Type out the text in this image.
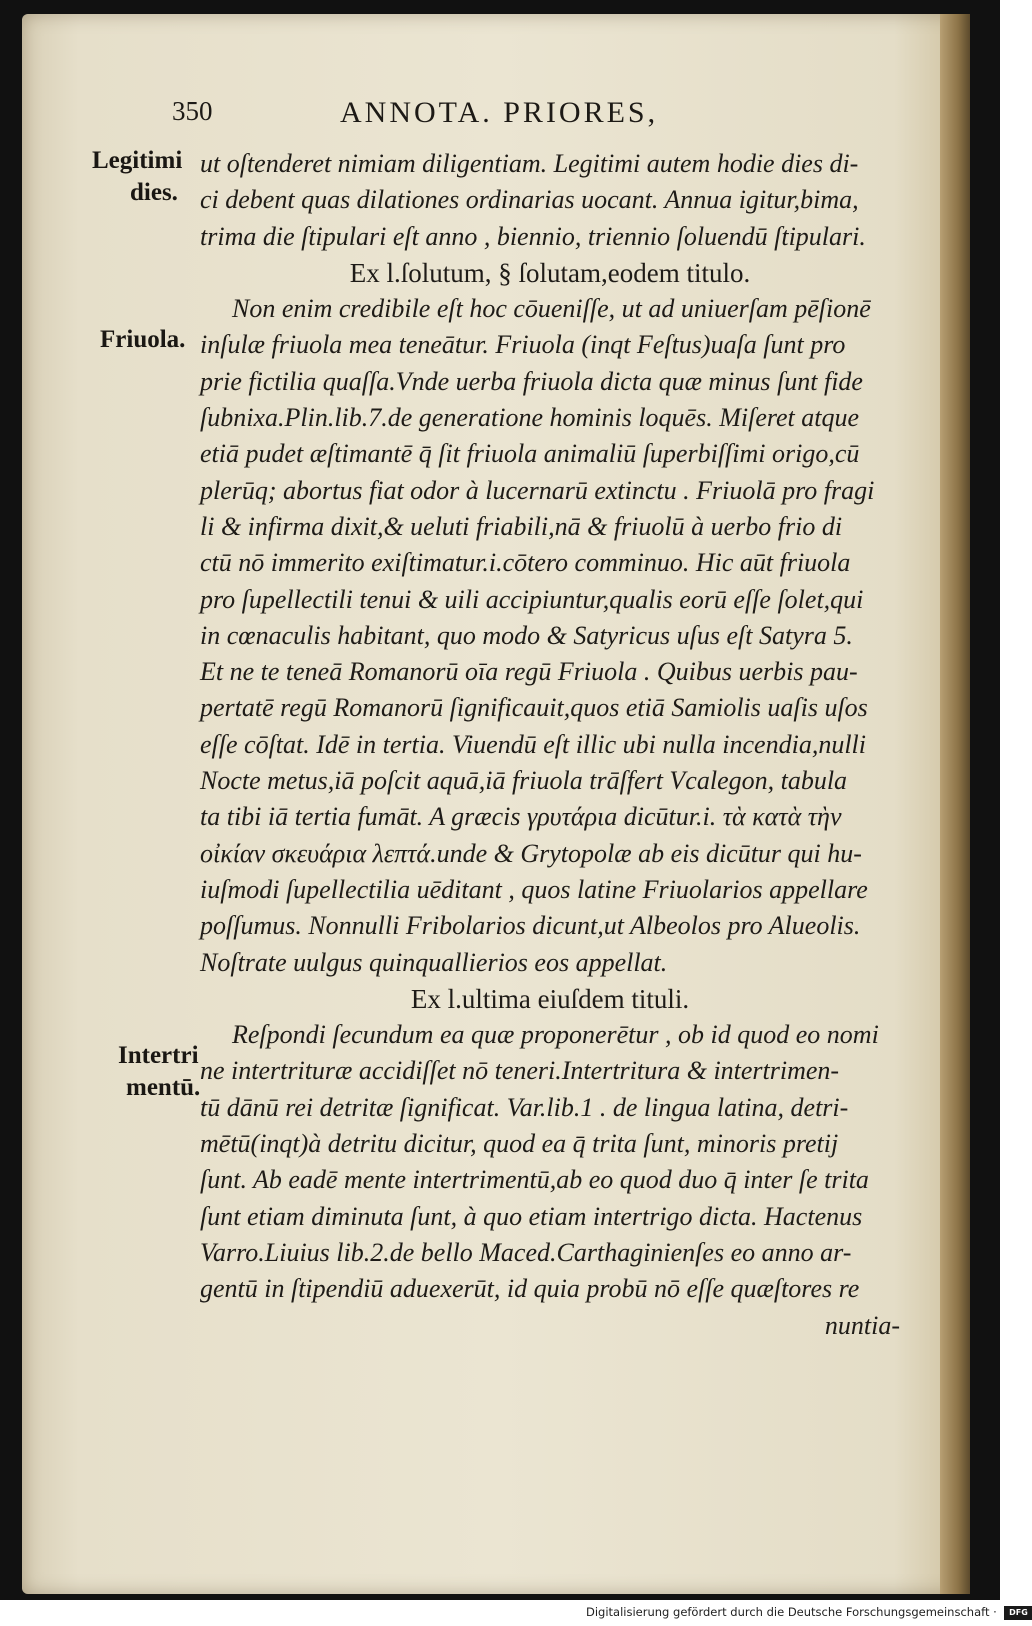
350	ANNOTA. PRIORES,
Legitimi
dies.
Friuola.
Intertri
mentū.
ut oſtenderet nimiam diligentiam. Legitimi autem hodie dies di-
ci debent quas dilationes ordinarias uocant. Annua igitur,bima,
trima die ſtipulari eſt anno , biennio, triennio ſoluendū ſtipulari.
Ex l.ſolutum, § ſolutam,eodem titulo.
Non enim credibile eſt hoc cōueniſſe, ut ad uniuerſam pēſionē
inſulæ friuola mea teneātur. Friuola (inqt Feſtus)uaſa ſunt pro
prie fictilia quaſſa.Vnde uerba friuola dicta quæ minus ſunt fide
ſubnixa.Plin.lib.7.de generatione hominis loquēs. Miſeret atque
etiā pudet æſtimantē q̄ ſit friuola animaliū ſuperbiſſimi origo,cū
plerūq; abortus fiat odor à lucernarū extinctu . Friuolā pro fragi
li & infirma dixit,& ueluti friabili,nā & friuolū à uerbo frio di
ctū nō immerito exiſtimatur.i.cōtero comminuo. Hic aūt friuola
pro ſupellectili tenui & uili accipiuntur,qualis eorū eſſe ſolet,qui
in cœnaculis habitant, quo modo & Satyricus uſus eſt Satyra 5.
Et ne te teneā Romanorū oīa regū Friuola . Quibus uerbis pau-
pertatē regū Romanorū ſignificauit,quos etiā Samiolis uaſis uſos
eſſe cōſtat. Idē in tertia. Viuendū eſt illic ubi nulla incendia,nulli
Nocte metus,iā poſcit aquā,iā friuola trāſfert Vcalegon, tabula
ta tibi iā tertia fumāt. A græcis γρυτάριa dicūtur.i. τὰ κατὰ τὴν
οἰκίαν σκευάρια λεπτά.unde & Grytopolæ ab eis dicūtur qui hu-
iuſmodi ſupellectilia uēditant , quos latine Friuolarios appellare
poſſumus. Nonnulli Fribolarios dicunt,ut Albeolos pro Alueolis.
Noſtrate uulgus quinquallierios eos appellat.
Ex l.ultima eiuſdem tituli.
Reſpondi ſecundum ea quæ proponerētur , ob id quod eo nomi
ne intertrituræ accidiſſet nō teneri.Intertritura & intertrimen-
tū dānū rei detritæ ſignificat. Var.lib.1 . de lingua latina, detri-
mētū(inqt)à detritu dicitur, quod ea q̄ trita ſunt, minoris pretij
ſunt. Ab eadē mente intertrimentū,ab eo quod duo q̄ inter ſe trita
ſunt etiam diminuta ſunt, à quo etiam intertrigo dicta. Hactenus
Varro.Liuius lib.2.de bello Maced.Carthaginienſes eo anno ar-
gentū in ſtipendiū aduexerūt, id quia probū nō eſſe quæſtores re
nuntia-
Digitalisierung gefördert durch die Deutsche Forschungsgemeinschaft · DFG
